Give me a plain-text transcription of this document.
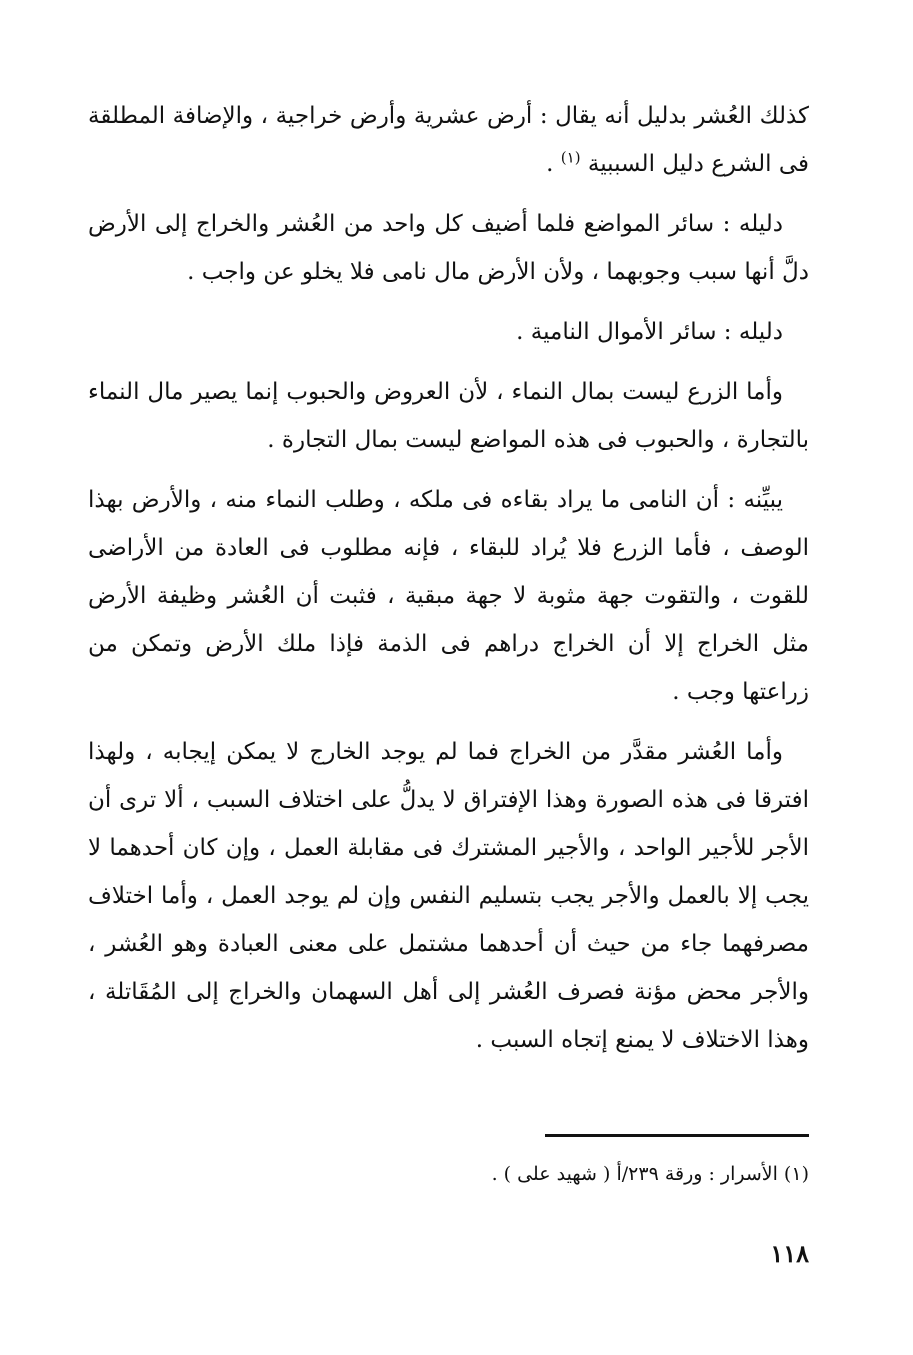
كذلك العُشر بدليل أنه يقال : أرض عشرية وأرض خراجية ، والإضافة المطلقة فى الشرع دليل السببية $^{(١)}$ .

دليله : سائر المواضع فلما أضيف كل واحد من العُشر والخراج إلى الأرض دلَّ أنها سبب وجوبهما ، ولأن الأرض مال نامى فلا يخلو عن واجب .

دليله : سائر الأموال النامية .

وأما الزرع ليست بمال النماء ، لأن العروض والحبوب إنما يصير مال النماء بالتجارة ، والحبوب فى هذه المواضع ليست بمال التجارة .

يبيِّنه : أن النامى ما يراد بقاءه فى ملكه ، وطلب النماء منه ، والأرض بهذا الوصف ، فأما الزرع فلا يُراد للبقاء ، فإنه مطلوب فى العادة من الأراضى للقوت ، والتقوت جهة مثوبة لا جهة مبقية ، فثبت أن العُشر وظيفة الأرض مثل الخراج إلا أن الخراج دراهم فى الذمة فإذا ملك الأرض وتمكن من زراعتها وجب .

وأما العُشر مقدَّر من الخراج فما لم يوجد الخارج لا يمكن إيجابه ، ولهذا افترقا فى هذه الصورة وهذا الإفتراق لا يدلُّ على اختلاف السبب ، ألا ترى أن الأجر للأجير الواحد ، والأجير المشترك فى مقابلة العمل ، وإن كان أحدهما لا يجب إلا بالعمل والأجر يجب بتسليم النفس وإن لم يوجد العمل ، وأما اختلاف مصرفهما جاء من حيث أن أحدهما مشتمل على معنى العبادة وهو العُشر ، والأجر محض مؤنة فصرف العُشر إلى أهل السهمان والخراج إلى المُقَاتلة ، وهذا الاختلاف لا يمنع إتجاه السبب .

(١) الأسرار : ورقة ٢٣٩/أ ( شهيد على ) .
١١٨
